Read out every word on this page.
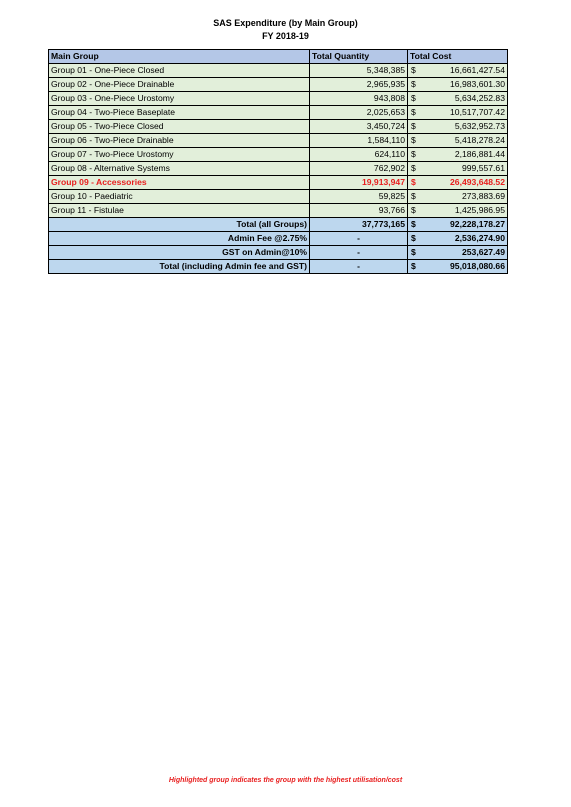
SAS Expenditure (by Main Group)
FY 2018-19
Main Group	Total Quantity	Total Cost
Group 01 - One-Piece Closed	5,348,385	$ 16,661,427.54

Group 02 - One-Piece Drainable	2,965,935	$ 16,983,601.30

Group 03 - One-Piece Urostomy	943,808	$ 5,634,252.83

Group 04 - Two-Piece Baseplate	2,025,653	$ 10,517,707.42

Group 05 - Two-Piece Closed	3,450,724	$ 5,632,952.73

Group 06 - Two-Piece Drainable	1,584,110	$ 5,418,278.24

Group 07 - Two-Piece Urostomy	624,110	$ 2,186,881.44

Group 08 - Alternative Systems	762,902	$ 999,557.61

Group 09 - Accessories	19,913,947	$ 26,493,648.52

Group 10 - Paediatric	59,825	$ 273,883.69

Group 11 - Fistulae	93,766	$ 1,425,986.95

Total (all Groups)	37,773,165	$ 92,228,178.27

Admin Fee @2.75%	-	$ 2,536,274.90

GST on Admin@10%	-	$ 253,627.49

Total (including Admin fee and GST)	-	$ 95,018,080.66
Highlighted group indicates the group with the highest utilisation/cost
